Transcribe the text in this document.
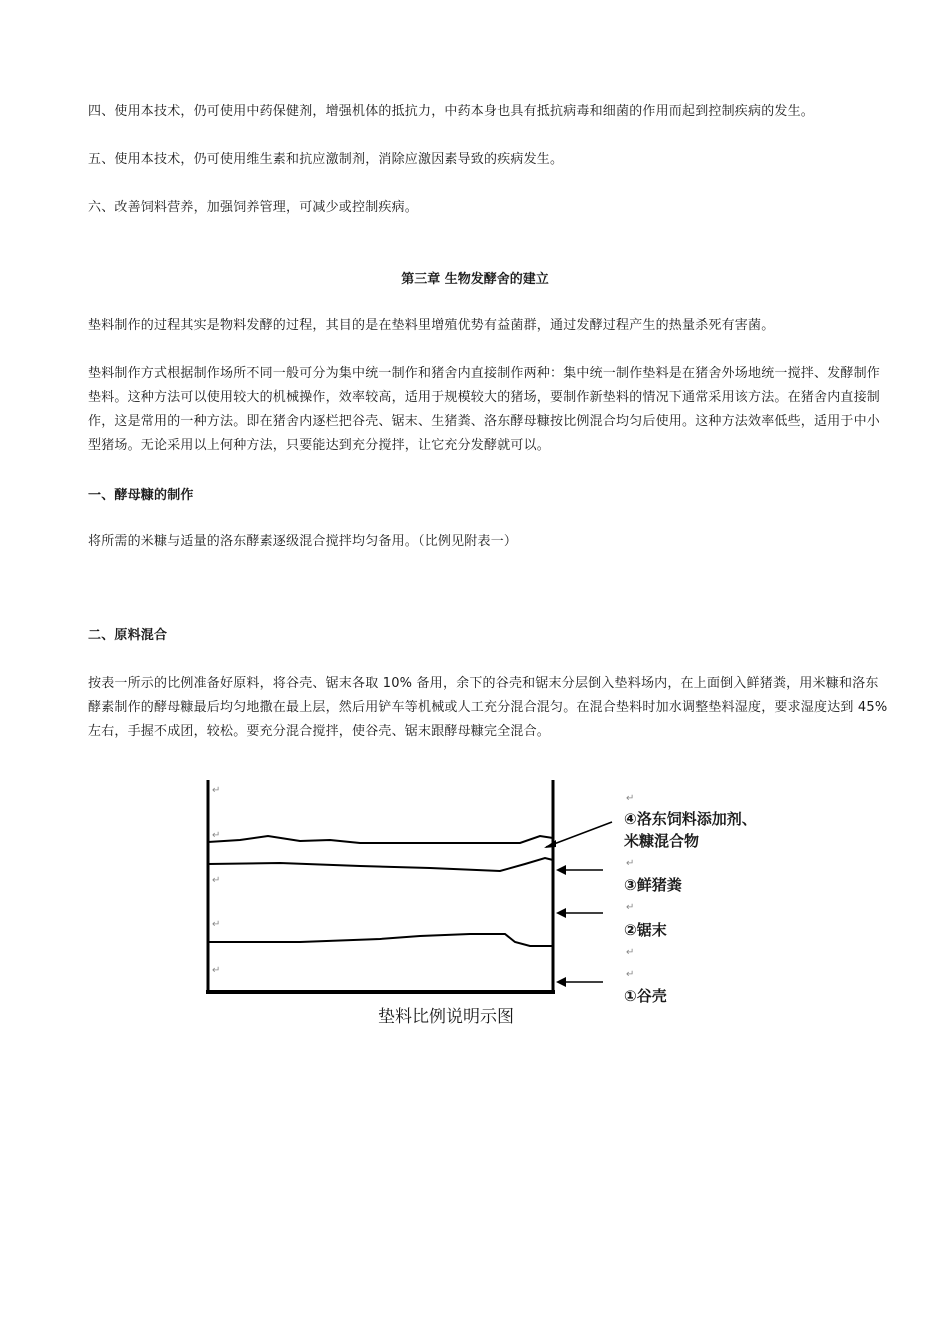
四、使用本技术，仍可使用中药保健剂，增强机体的抵抗力，中药本身也具有抵抗病毒和细菌的作用而起到控制疾病的发生。

五、使用本技术，仍可使用维生素和抗应激制剂，消除应激因素导致的疾病发生。

六、改善饲料营养，加强饲养管理，可减少或控制疾病。

第三章 生物发酵舍的建立

垫料制作的过程其实是物料发酵的过程，其目的是在垫料里增殖优势有益菌群，通过发酵过程产生的热量杀死有害菌。

垫料制作方式根据制作场所不同一般可分为集中统一制作和猪舍内直接制作两种：集中统一制作垫料是在猪舍外场地统一搅拌、发酵制作垫料。这种方法可以使用较大的机械操作，效率较高，适用于规模较大的猪场，要制作新垫料的情况下通常采用该方法。在猪舍内直接制作，这是常用的一种方法。即在猪舍内逐栏把谷壳、锯末、生猪粪、洛东酵母糠按比例混合均匀后使用。这种方法效率低些，适用于中小型猪场。无论采用以上何种方法，只要能达到充分搅拌，让它充分发酵就可以。

一、酵母糠的制作

将所需的米糠与适量的洛东酵素逐级混合搅拌均匀备用。（比例见附表一）

二、原料混合

按表一所示的比例准备好原料，将谷壳、锯末各取 10% 备用，余下的谷壳和锯末分层倒入垫料场内，在上面倒入鲜猪粪，用米糠和洛东酵素制作的酵母糠最后均匀地撒在最上层，然后用铲车等机械或人工充分混合混匀。在混合垫料时加水调整垫料湿度，要求湿度达到 45% 左右，手握不成团，较松。要充分混合搅拌，使谷壳、锯末跟酵母糠完全混合。

↵
↵
↵
↵
↵
↵
↵
↵
↵
↵
④洛东饲料添加剂、
米糠混合物
③鲜猪粪
②锯末
①谷壳
垫料比例说明示图
